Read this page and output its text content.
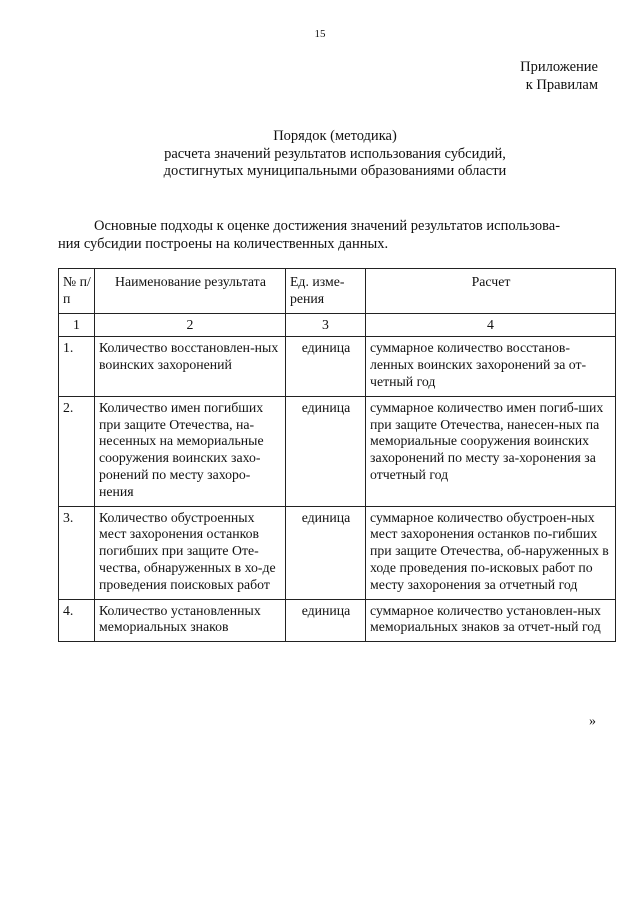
15
Приложение
к Правилам
Порядок (методика)
расчета значений результатов использования субсидий,
достигнутых муниципальными образованиями области
Основные подходы к оценке достижения значений результатов использова-
ния субсидии построены на количественных данных.
№ п/п	Наименование результата	Ед. изме-рения	Расчет
1	2	3	4
1.	Количество восстановлен-ных воинских захоронений	единица	суммарное количество восстанов-ленных воинских захоронений за от-четный год
2.	Количество имен погибших при защите Отечества, на-несенных на мемориальные сооружения воинских захо-ронений по месту захоро-нения	единица	суммарное количество имен погиб-ших при защите Отечества, нанесен-ных па мемориальные сооружения воинских захоронений по месту за-хоронения за отчетный год
3.	Количество обустроенных мест захоронения останков погибших при защите Оте-чества, обнаруженных в хо-де проведения поисковых работ	единица	суммарное количество обустроен-ных мест захоронения останков по-гибших при защите Отечества, об-наруженных в ходе проведения по-исковых работ по месту захоронения за отчетный год
4.	Количество установленных мемориальных знаков	единица	суммарное количество установлен-ных мемориальных знаков за отчет-ный год
»
